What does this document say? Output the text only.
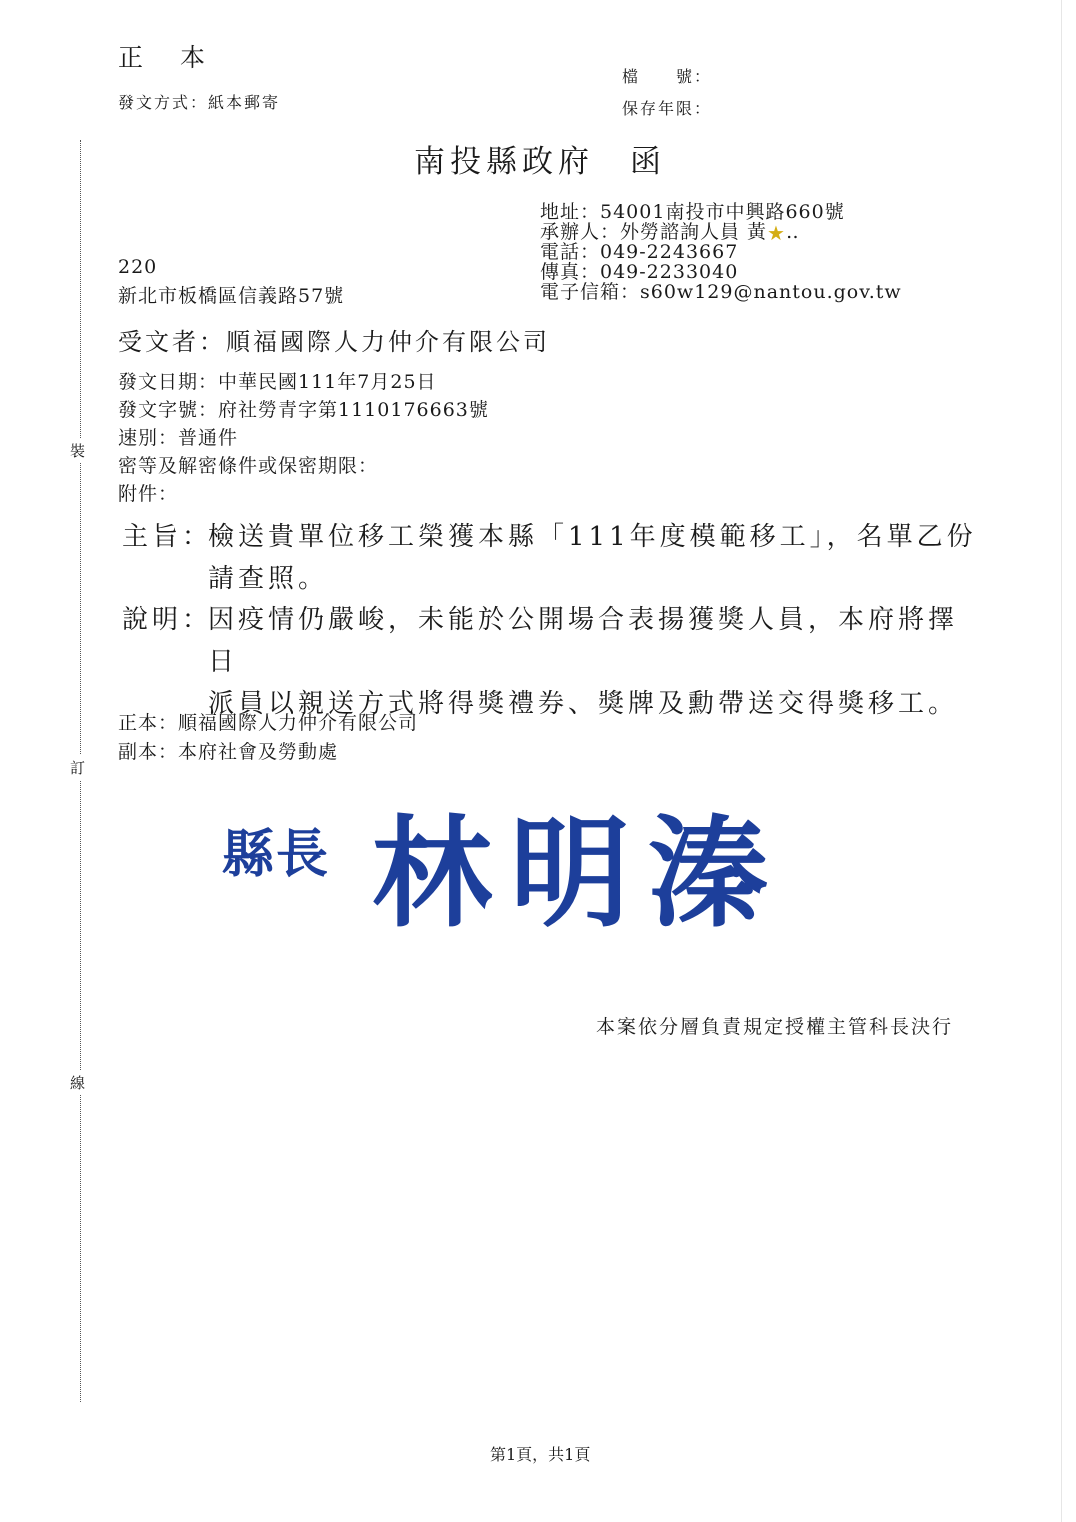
裝
訂
線
正　本
發文方式：紙本郵寄
檔　　號：
保存年限：
南投縣政府　函
地址：54001南投市中興路660號
承辦人：外勞諮詢人員 黃★‥
電話：049-2243667
傳真：049-2233040
電子信箱：s60w129@nantou.gov.tw
220
新北市板橋區信義路57號
受文者：順福國際人力仲介有限公司
發文日期：中華民國111年7月25日
發文字號：府社勞青字第1110176663號
速別：普通件
密等及解密條件或保密期限：
附件：
主旨：
檢送貴單位移工榮獲本縣「111年度模範移工」，名單乙份
請查照。
說明：
因疫情仍嚴峻，未能於公開場合表揚獲獎人員，本府將擇日
派員以親送方式將得獎禮券、獎牌及勳帶送交得獎移工。
正本：順福國際人力仲介有限公司
副本：本府社會及勞動處
縣長 林明溱
本案依分層負責規定授權主管科長決行
第1頁，共1頁
